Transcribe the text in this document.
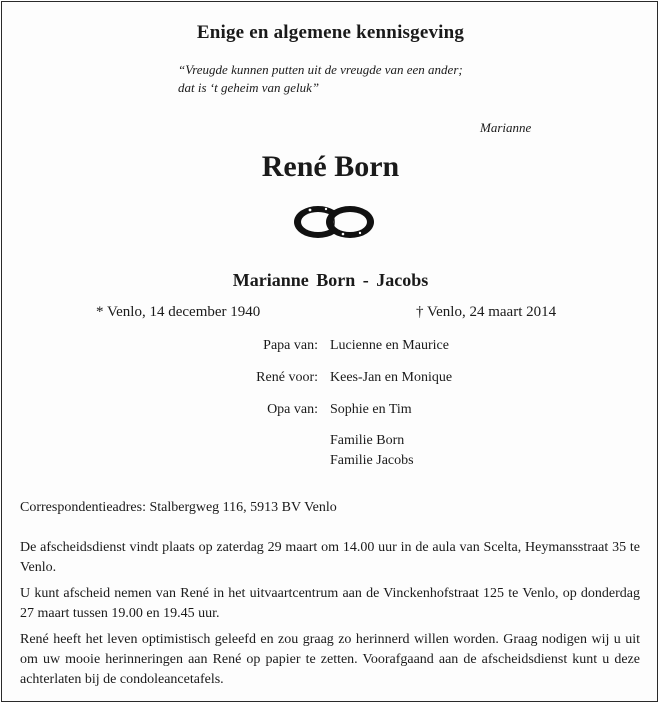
Enige en algemene kennisgeving
“Vreugde kunnen putten uit de vreugde van een ander;
dat is ‘t geheim van geluk”
Marianne
René Born
Marianne Born - Jacobs
* Venlo, 14 december 1940	† Venlo, 24 maart 2014
Papa van: Lucienne en Maurice
René voor: Kees-Jan en Monique
Opa van: Sophie en Tim
Familie Born
Familie Jacobs
Correspondentieadres: Stalbergweg 116, 5913 BV Venlo
De afscheidsdienst vindt plaats op zaterdag 29 maart om 14.00 uur in de aula van Scelta, Heymansstraat 35 te Venlo.
U kunt afscheid nemen van René in het uitvaartcentrum aan de Vinckenhofstraat 125 te Venlo, op donderdag 27 maart tussen 19.00 en 19.45 uur.
René heeft het leven optimistisch geleefd en zou graag zo herinnerd willen worden. Graag nodigen wij u uit om uw mooie herinneringen aan René op papier te zetten. Voorafgaand aan de afscheidsdienst kunt u deze achterlaten bij de condoleancetafels.
